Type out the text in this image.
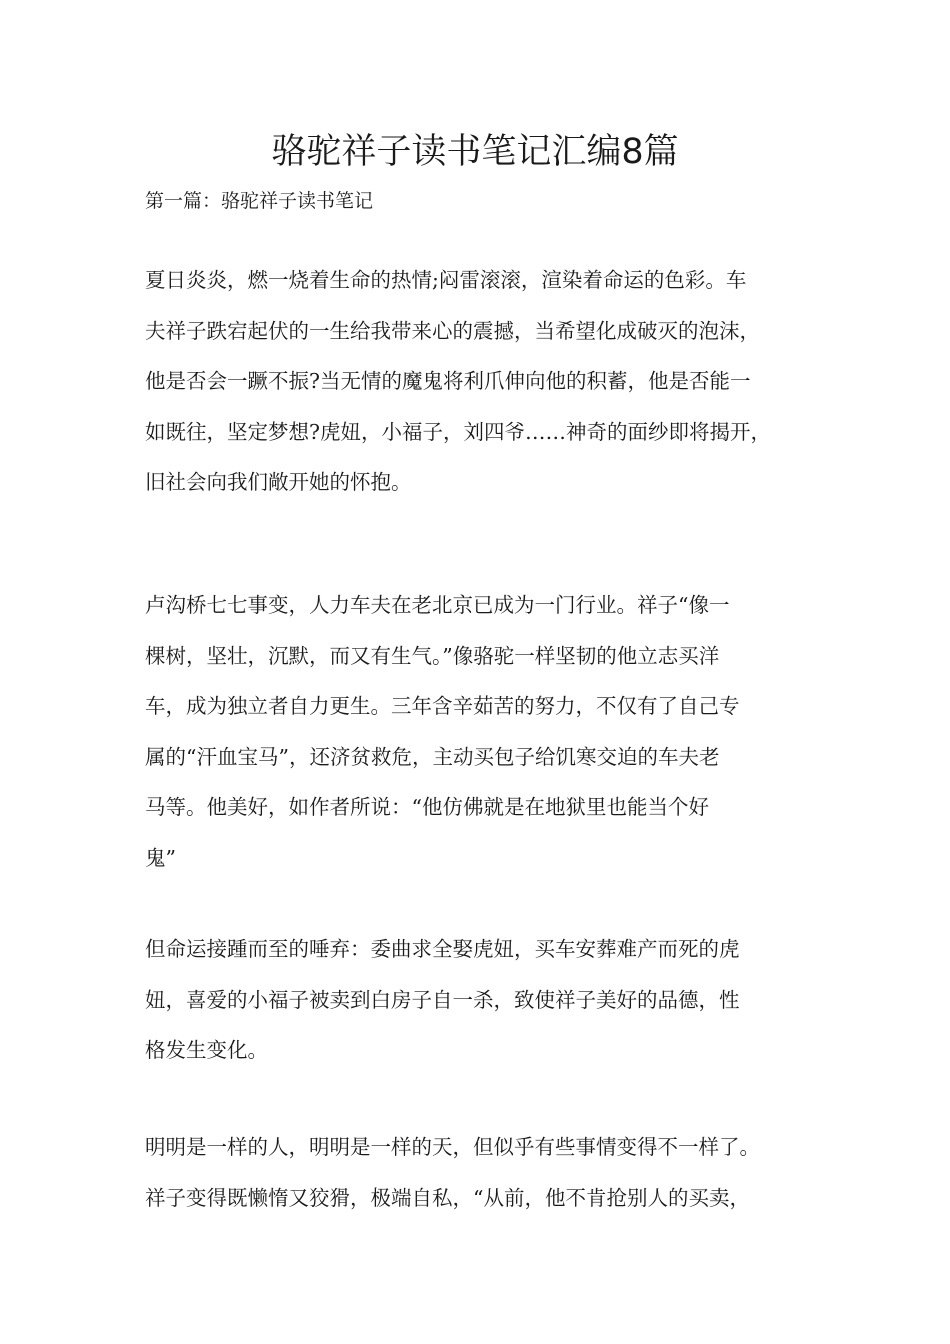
骆驼祥子读书笔记汇编8篇

第一篇：骆驼祥子读书笔记

夏日炎炎，燃一烧着生命的热情;闷雷滚滚，渲染着命运的色彩。车
夫祥子跌宕起伏的一生给我带来心的震撼，当希望化成破灭的泡沫，
他是否会一蹶不振?当无情的魔鬼将利爪伸向他的积蓄，他是否能一
如既往，坚定梦想?虎妞，小福子，刘四爷……神奇的面纱即将揭开，
旧社会向我们敞开她的怀抱。
卢沟桥七七事变，人力车夫在老北京已成为一门行业。祥子“像一
棵树，坚壮，沉默，而又有生气。”像骆驼一样坚韧的他立志买洋
车，成为独立者自力更生。三年含辛茹苦的努力，不仅有了自己专
属的“汗血宝马”，还济贫救危，主动买包子给饥寒交迫的车夫老
马等。他美好，如作者所说：“他仿佛就是在地狱里也能当个好
鬼”
但命运接踵而至的唾弃：委曲求全娶虎妞，买车安葬难产而死的虎
妞，喜爱的小福子被卖到白房子自一杀，致使祥子美好的品德，性
格发生变化。
明明是一样的人，明明是一样的天，但似乎有些事情变得不一样了。
祥子变得既懒惰又狡猾，极端自私，“从前，他不肯抢别人的买卖，
